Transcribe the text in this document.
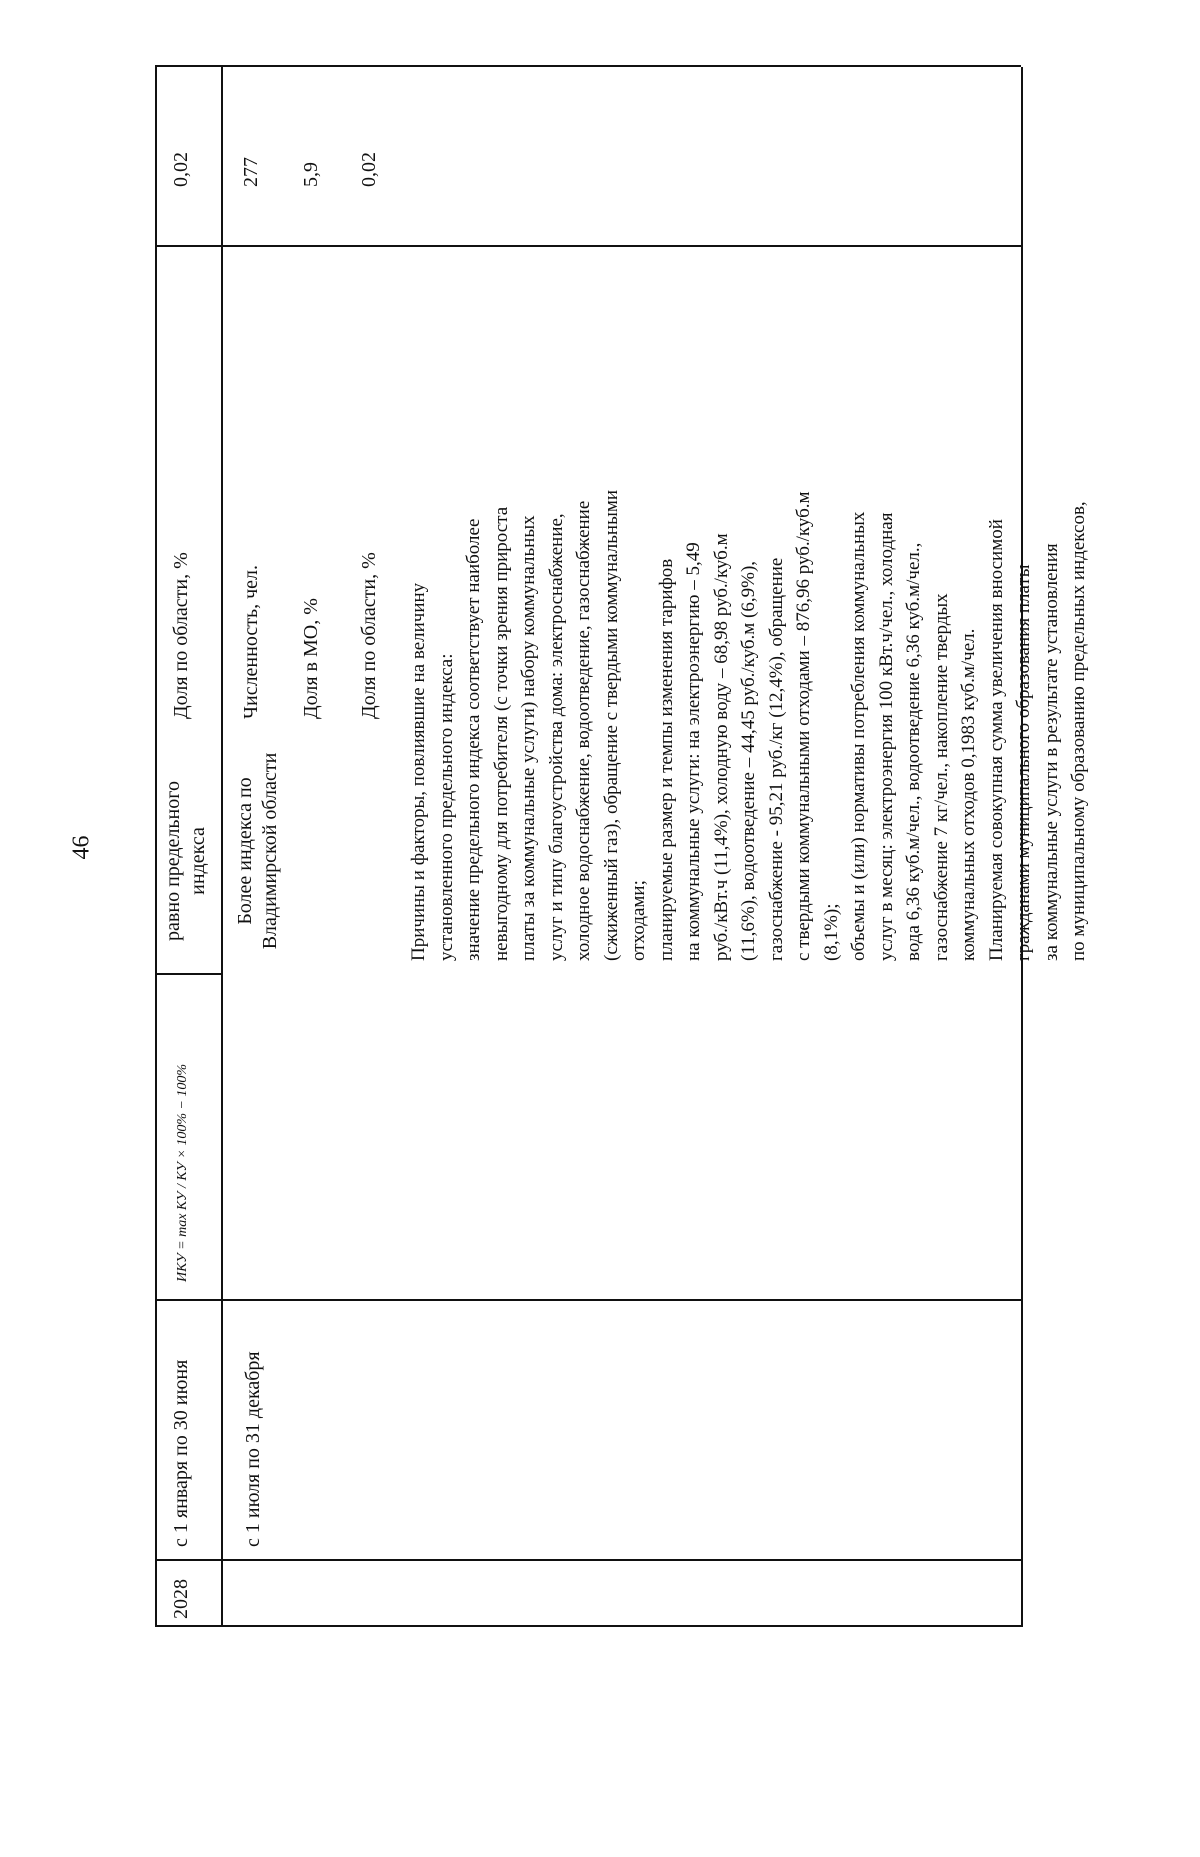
46
2028
с 1 января по 30 июня	с 1 июля по 31 декабря
ИКУ = max КУ / КУ × 100% − 100%
равно предельного индекса Более индекса по Владимирской области
Доля по области, %
0,02
Численность, чел.
277
Доля в МО, %
5,9
Доля по области, %
0,02
Причины и факторы, повлиявшие на величину
установленного предельного индекса:
значение предельного индекса соответствует наиболее
невыгодному для потребителя (с точки зрения прироста
платы за коммунальные услуги) набору коммунальных
услуг и типу благоустройства дома: электроснабжение,
холодное водоснабжение, водоотведение, газоснабжение
(сжиженный газ), обращение с твердыми коммунальными
отходами;
планируемые размер и темпы изменения тарифов
на коммунальные услуги: на электроэнергию – 5,49
руб./кВт.ч (11,4%), холодную воду – 68,98 руб./куб.м
(11,6%), водоотведение – 44,45 руб./куб.м (6,9%),
газоснабжение - 95,21 руб./кг (12,4%), обращение
с твердыми коммунальными отходами – 876,96 руб./куб.м
(8,1%);
объемы и (или) нормативы потребления коммунальных
услуг в месяц: электроэнергия 100 кВт.ч/чел., холодная
вода 6,36 куб.м/чел., водоотведение 6,36 куб.м/чел.,
газоснабжение 7 кг/чел., накопление твердых
коммунальных отходов 0,1983 куб.м/чел.
Планируемая совокупная сумма увеличения вносимой
гражданами муниципального образования платы
за коммунальные услуги в результате установления
по муниципальному образованию предельных индексов,
